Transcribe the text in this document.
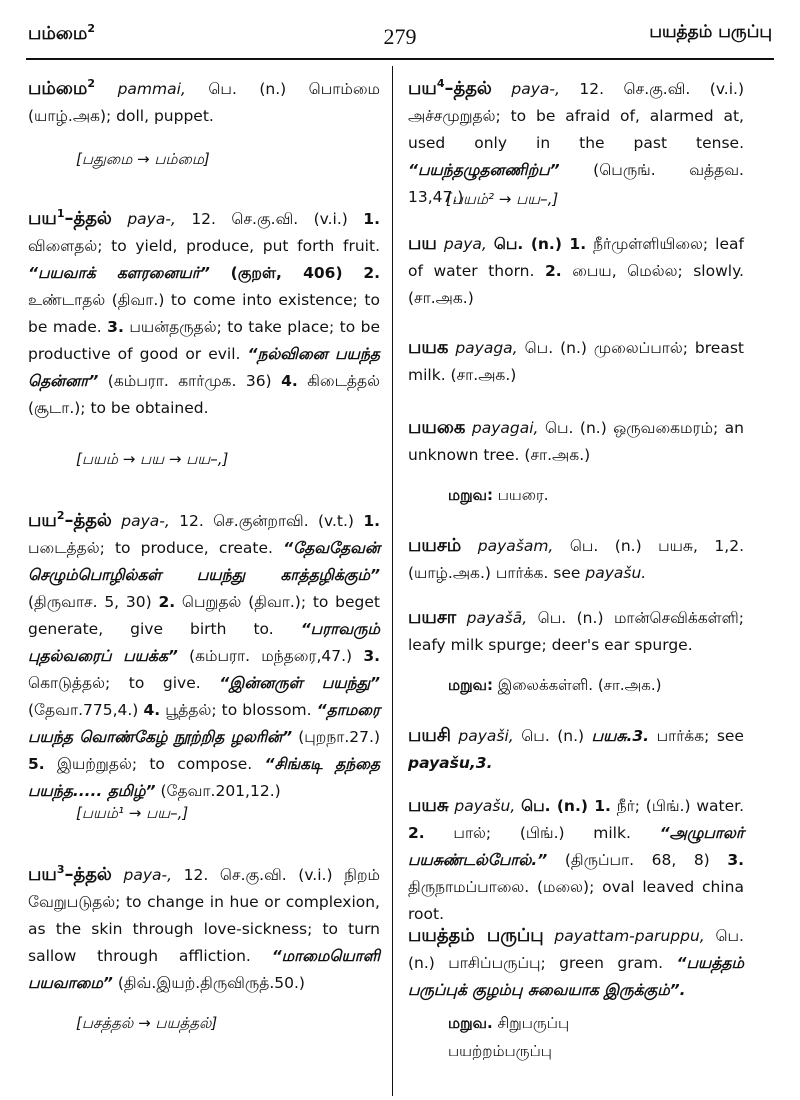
பம்மை$^2$	279	பயத்தம் பருப்பு
பம்மை$^2$ pammai, பெ. (n.) பொம்மை (யாழ்.அக); doll, puppet.
[பதுமை → பம்மை]
பய$^1$–த்தல் paya-, 12. செ.கு.வி. (v.i.) 1. விளைதல்; to yield, produce, put forth fruit. “பயவாக் களரனையர்” (குறள், 406) 2. உண்டாதல் (திவா.) to come into existence; to be made. 3. பயன்தருதல்; to take place; to be productive of good or evil. “நல்வினை பயந்த தென்னா” (கம்பரா. கார்முக. 36) 4. கிடைத்தல் (சூடா.); to be obtained.
[பயம் → பய → பய–,]
பய$^2$–த்தல் paya-, 12. செ.குன்றாவி. (v.t.) 1. படைத்தல்; to produce, create. “தேவதேவன் செழும்பொழில்கள் பயந்து காத்தழிக்கும்” (திருவாச. 5, 30) 2. பெறுதல் (திவா.); to beget generate, give birth to. “பராவரும் புதல்வரைப் பயக்க” (கம்பரா. மந்தரை,47.) 3. கொடுத்தல்; to give. “இன்னருள் பயந்து” (தேவா.775,4.) 4. பூத்தல்; to blossom. “தாமரை பயந்த வொண்கேழ் நூற்றித ழலரின்” (புறநா.27.) 5. இயற்றுதல்; to compose. “சிங்கடி தந்தை பயந்த..... தமிழ்” (தேவா.201,12.)
[பயம்¹ → பய–,]
பய$^3$–த்தல் paya-, 12. செ.கு.வி. (v.i.) நிறம் வேறுபடுதல்; to change in hue or complexion, as the skin through love-sickness; to turn sallow through affliction. “மாமையொளி பயவாமை” (திவ்.இயற்.திருவிருத்.50.)
[பசத்தல் → பயத்தல்]
பய$^4$–த்தல் paya-, 12. செ.கு.வி. (v.i.) அச்சமுறுதல்; to be afraid of, alarmed at, used only in the past tense. “பயந்தழுதனணிற்ப” (பெருங். வத்தவ. 13,47.)
[பயம்² → பய–,]
பய paya, பெ. (n.) 1. நீர்முள்ளியிலை; leaf of water thorn. 2. பைய, மெல்ல; slowly. (சா.அக.)
பயக payaga, பெ. (n.) முலைப்பால்; breast milk. (சா.அக.)
பயகை payagai, பெ. (n.) ஒருவகைமரம்; an unknown tree. (சா.அக.)
மறுவ: பயரை.
பயசம் payašam, பெ. (n.) பயசு, 1,2. (யாழ்.அக.) பார்க்க. see payašu.
பயசா payašā, பெ. (n.) மான்செவிக்கள்ளி; leafy milk spurge; deer's ear spurge.
மறுவ: இலைக்கள்ளி. (சா.அக.)
பயசி payaši, பெ. (n.) பயசு.3. பார்க்க; see payašu,3.
பயசு payašu, பெ. (n.) 1. நீர்; (பிங்.) water. 2. பால்; (பிங்.) milk. “அழுபாலர் பயசுண்டல்போல்.” (திருப்பா. 68, 8) 3. திருநாமப்பாலை. (மலை); oval leaved china root.
பயத்தம் பருப்பு payattam-paruppu, பெ. (n.) பாசிப்பருப்பு; green gram. “பயத்தம் பருப்புக் குழம்பு சுவையாக இருக்கும்”.
மறுவ. சிறுபருப்பு
பயற்றம்பருப்பு
